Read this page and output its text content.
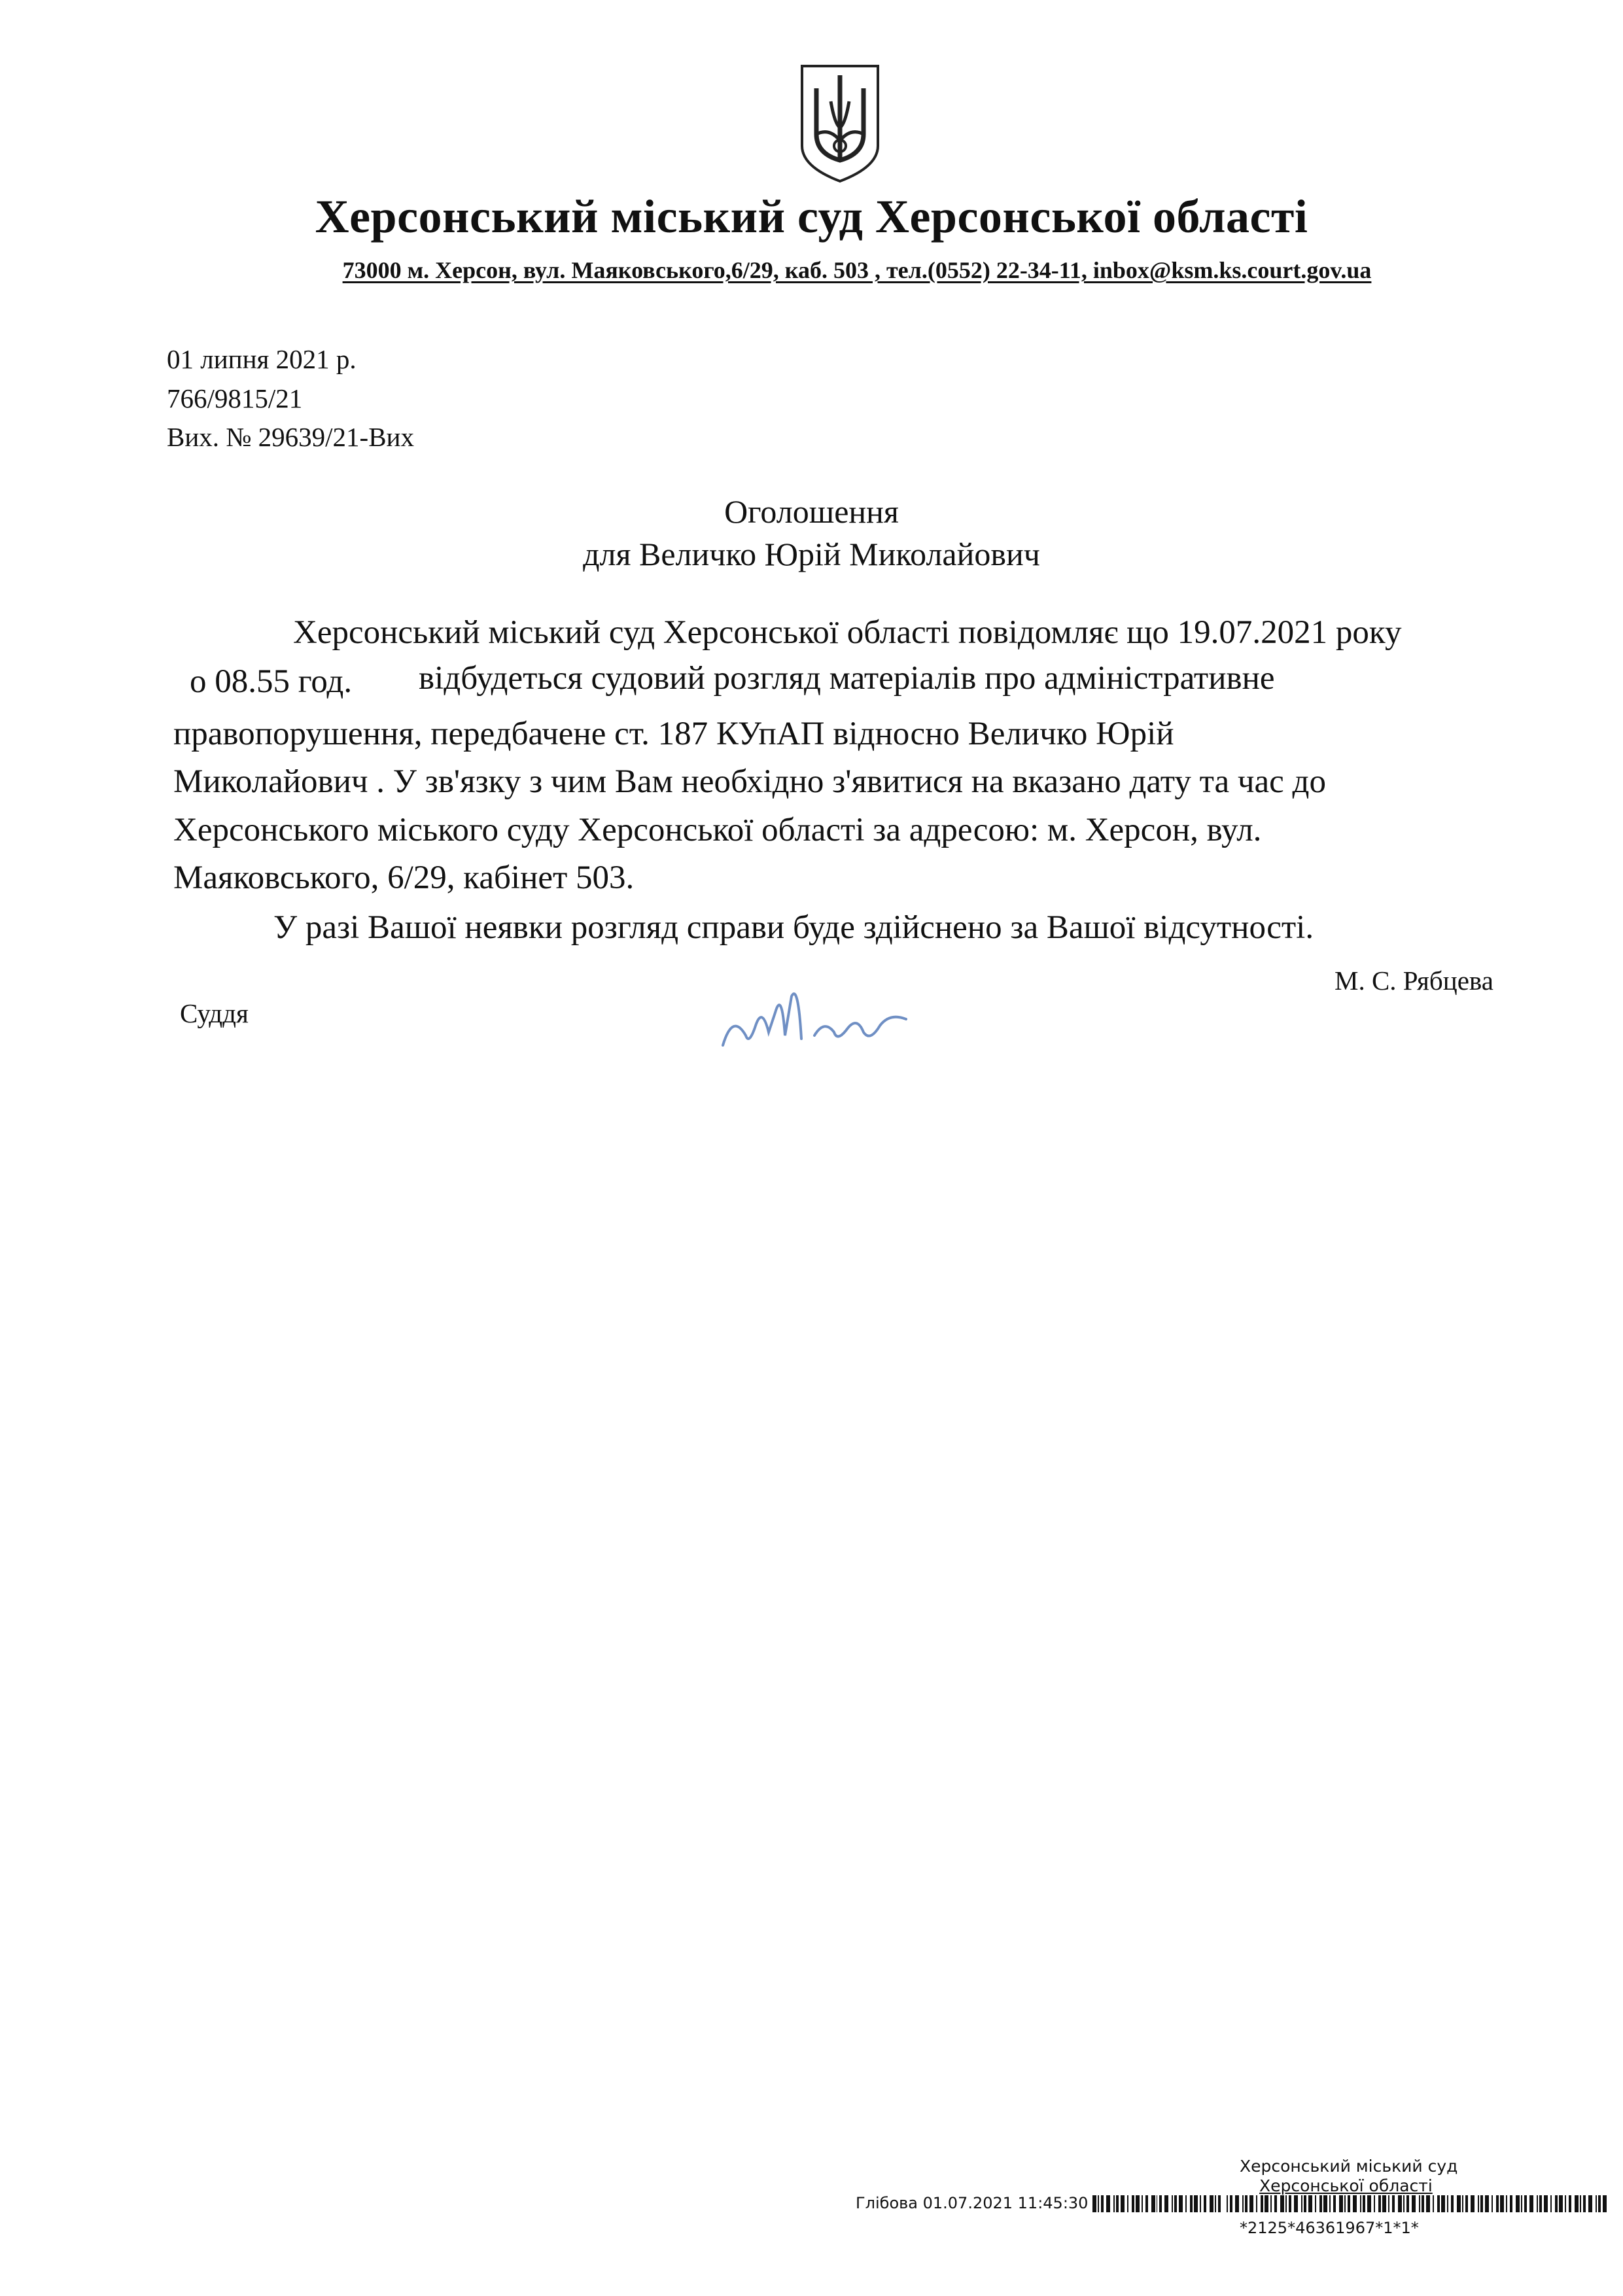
Херсонський міський суд Херсонської області
73000 м. Херсон, вул. Маяковського,6/29, каб. 503 , тел.(0552) 22-34-11, inbox@ksm.ks.court.gov.ua
01 липня 2021 р.
766/9815/21
Вих. № 29639/21-Вих
Оголошення
для Величко Юрій Миколайович
Херсонський міський суд Херсонської області повідомляє що 19.07.2021 року
о 08.55 год. відбудеться судовий розгляд матеріалів про адміністративне
правопорушення, передбачене ст. 187 КУпАП відносно Величко Юрій
Миколайович . У зв'язку з чим Вам необхідно з'явитися на вказано дату та час до
Херсонського міського суду Херсонської області за адресою: м. Херсон, вул.
Маяковського, 6/29, кабінет 503.
У разі Вашої неявки розгляд справи буде здійснено за Вашої відсутності.
Суддя
М. С. Рябцева
Херсонський міський суд
Херсонської області
Глібова 01.07.2021 11:45:30
*2125*46361967*1*1*
